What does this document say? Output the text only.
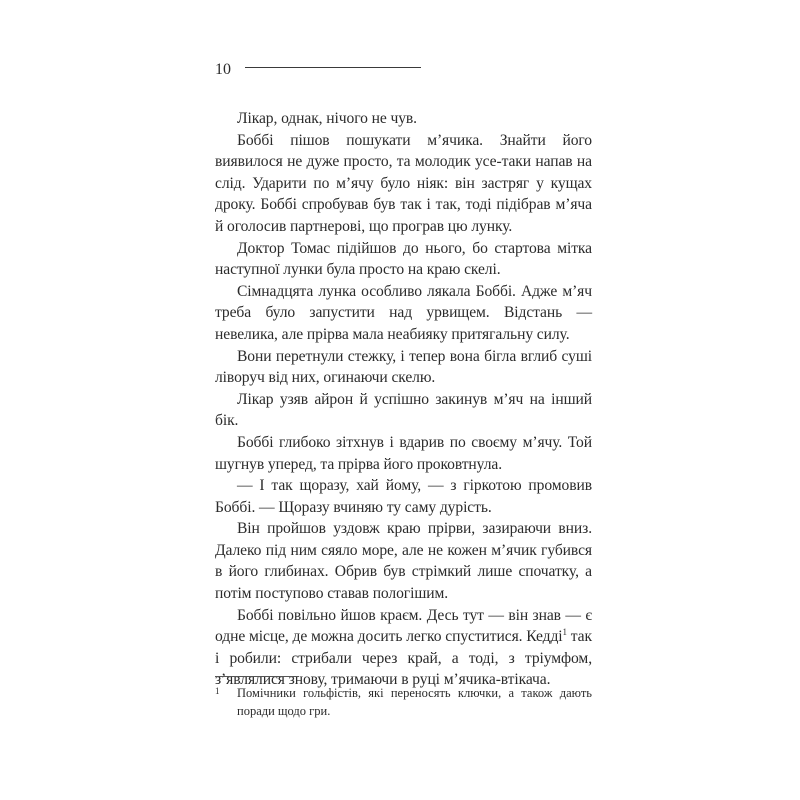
10

Лікар, однак, нічого не чув.

Боббі пішов пошукати м’ячика. Знайти його виявилося не дуже просто, та молодик усе-таки напав на слід. Ударити по м’ячу було ніяк: він застряг у кущах дроку. Боббі спробував був так і так, тоді підібрав м’яча й оголосив партнерові, що програв цю лунку.

Доктор Томас підійшов до нього, бо стартова мітка наступної лунки була просто на краю скелі.

Сімнадцята лунка особливо лякала Боббі. Адже м’яч треба було запустити над урвищем. Відстань — невелика, але прірва мала неабияку притягальну силу.

Вони перетнули стежку, і тепер вона бігла вглиб суші ліворуч від них, огинаючи скелю.

Лікар узяв айрон й успішно закинув м’яч на інший бік.

Боббі глибоко зітхнув і вдарив по своєму м’ячу. Той шугнув уперед, та прірва його проковтнула.

— І так щоразу, хай йому, — з гіркотою промовив Боббі. — Щоразу вчиняю ту саму дурість.

Він пройшов уздовж краю прірви, зазираючи вниз. Далеко під ним сяяло море, але не кожен м’ячик губився в його глибинах. Обрив був стрімкий лише спочатку, а потім поступово ставав пологішим.

Боббі повільно йшов краєм. Десь тут — він знав — є одне місце, де можна досить легко спуститися. Кедді$^1$ так і робили: стрибали через край, а тоді, з тріумфом, з’являлися знову, тримаючи в руці м’ячика-втікача.

1	Помічники гольфістів, які переносять ключки, а також дають поради щодо гри.
